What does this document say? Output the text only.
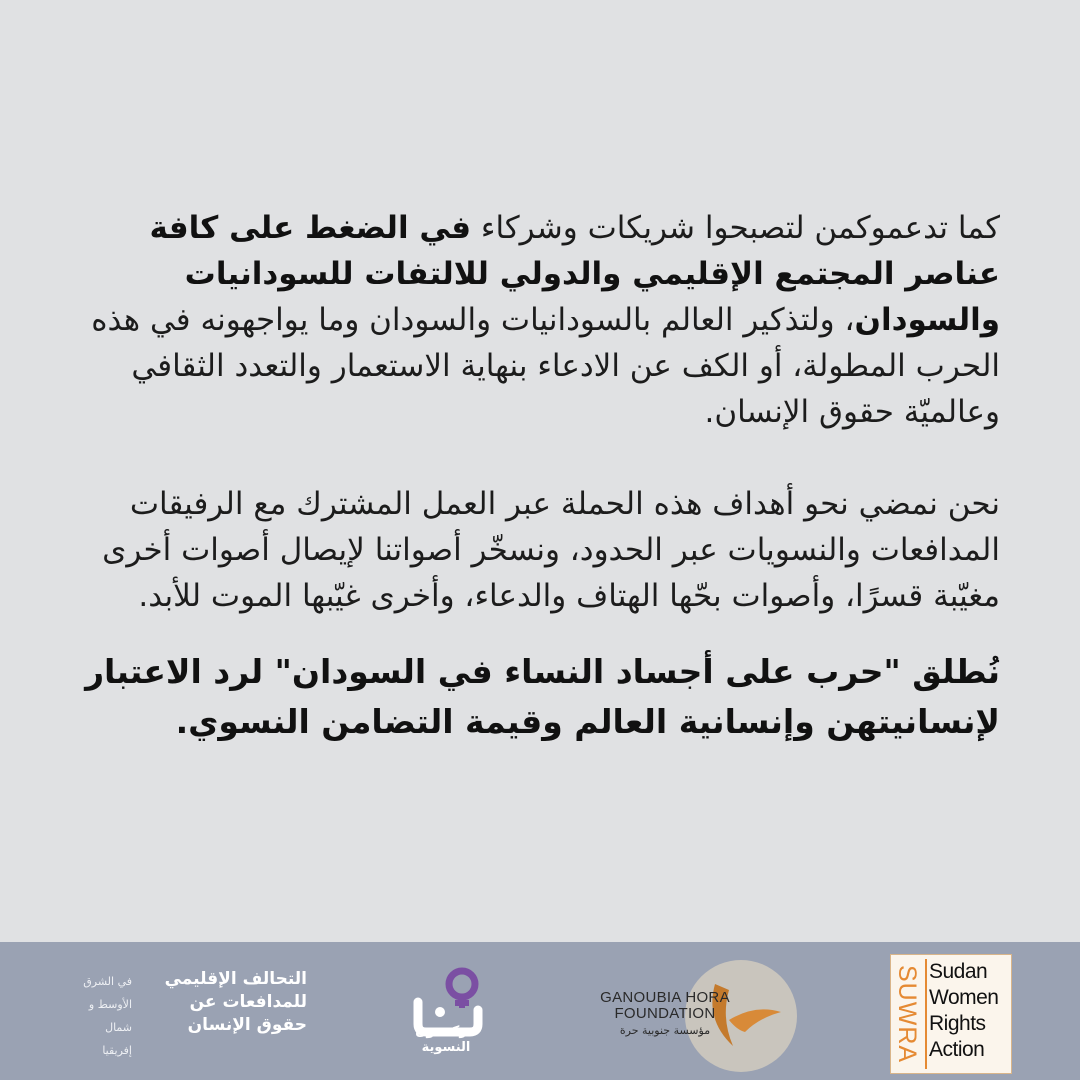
كما تدعموكمن لتصبحوا شريكات وشركاء في الضغط على كافة عناصر المجتمع الإقليمي والدولي للالتفات للسودانيات والسودان، ولتذكير العالم بالسودانيات والسودان وما يواجهونه في هذه الحرب المطولة، أو الكف عن الادعاء بنهاية الاستعمار والتعدد الثقافي وعالميّة حقوق الإنسان.

نحن نمضي نحو أهداف هذه الحملة عبر العمل المشترك مع الرفيقات المدافعات والنسويات عبر الحدود، ونسخّر أصواتنا لإيصال أصوات أخرى مغيّبة قسرًا، وأصوات بحّها الهتاف والدعاء، وأخرى غيّبها الموت للأبد.

نُطلق "حرب على أجساد النساء في السودان" لرد الاعتبار لإنسانيتهن وإنسانية العالم وقيمة التضامن النسوي.

التحالف الإقليمي
للمدافعات عن
حقوق الإنسان
في الشرق
الأوسط و شمال
إفريقيا
حركة نون
النسوية
GANOUBIA HORA
FOUNDATION
مؤسسة جنوبية حرة	SUWRA Sudan
Women
Rights
Action
